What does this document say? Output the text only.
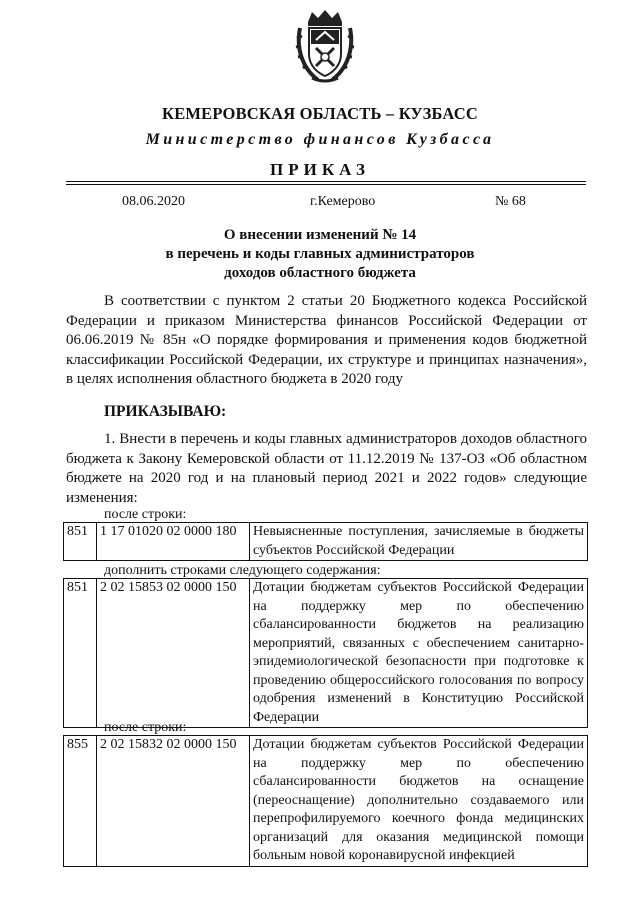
КЕМЕРОВСКАЯ ОБЛАСТЬ – КУЗБАСС
Министерство финансов Кузбасса
ПРИКАЗ
08.06.2020	г.Кемерово	№ 68
О внесении изменений № 14
в перечень и коды главных администраторов
доходов областного бюджета
В соответствии с пунктом 2 статьи 20 Бюджетного кодекса Российской Федерации и приказом Министерства финансов Российской Федерации от 06.06.2019 № 85н «О порядке формирования и применения кодов бюджетной классификации Российской Федерации, их структуре и принципах назначения», в целях исполнения областного бюджета в 2020 году
ПРИКАЗЫВАЮ:
1. Внести в перечень и коды главных администраторов доходов областного бюджета к Закону Кемеровской области от 11.12.2019 № 137-ОЗ «Об областном бюджете на 2020 год и на плановый период 2021 и 2022 годов» следующие изменения:
после строки:
851	1 17 01020 02 0000 180	Невыясненные поступления, зачисляемые в бюджеты субъектов Российской Федерации
дополнить строками следующего содержания:
851	2 02 15853 02 0000 150	Дотации бюджетам субъектов Российской Федерации на поддержку мер по обеспечению сбалансированности бюджетов на реализацию мероприятий, связанных с обеспечением санитарно-эпидемиологической безопасности при подготовке к проведению общероссийского голосования по вопросу одобрения изменений в Конституцию Российской Федерации
после строки:
855	2 02 15832 02 0000 150	Дотации бюджетам субъектов Российской Федерации на поддержку мер по обеспечению сбалансированности бюджетов на оснащение (переоснащение) дополнительно создаваемого или перепрофилируемого коечного фонда медицинских организаций для оказания медицинской помощи больным новой коронавирусной инфекцией
